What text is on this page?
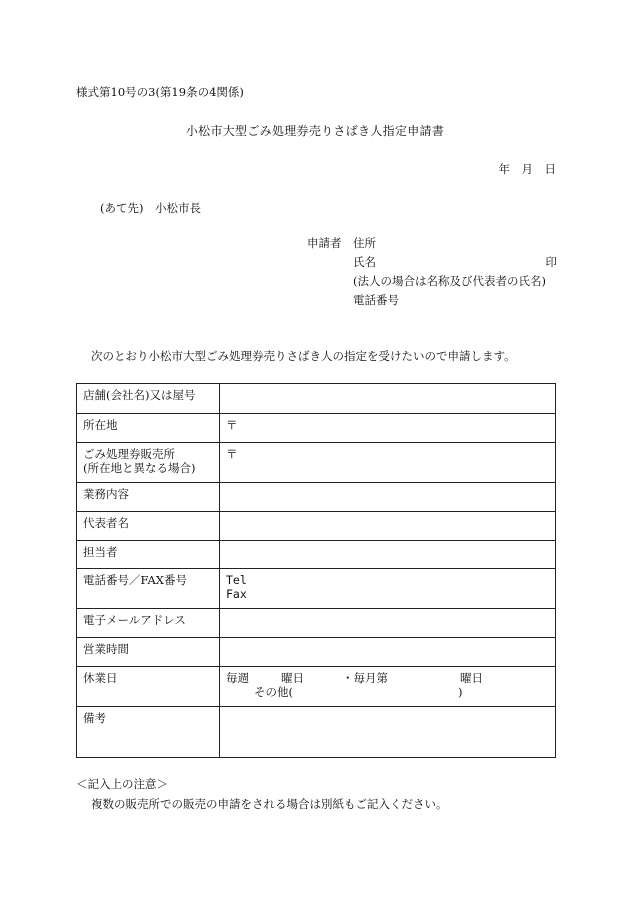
様式第10号の3(第19条の4関係)
小松市大型ごみ処理券売りさばき人指定申請書
年　月　日
(あて先)　小松市長
申請者 住所
氏名	印
(法人の場合は名称及び代表者の氏名)
電話番号
次のとおり小松市大型ごみ処理券売りさばき人の指定を受けたいので申請します。
店舗(会社名)又は屋号	
所在地	〒
ごみ処理券販売所
(所在地と異なる場合)	〒
業務内容	
代表者名	
担当者	
電話番号／FAX番号	Tel
Fax
電子メールアドレス	
営業時間	
休業日	毎週 曜日 ・毎月第 曜日
その他( )

備考	
＜記入上の注意＞
複数の販売所での販売の申請をされる場合は別紙もご記入ください。
